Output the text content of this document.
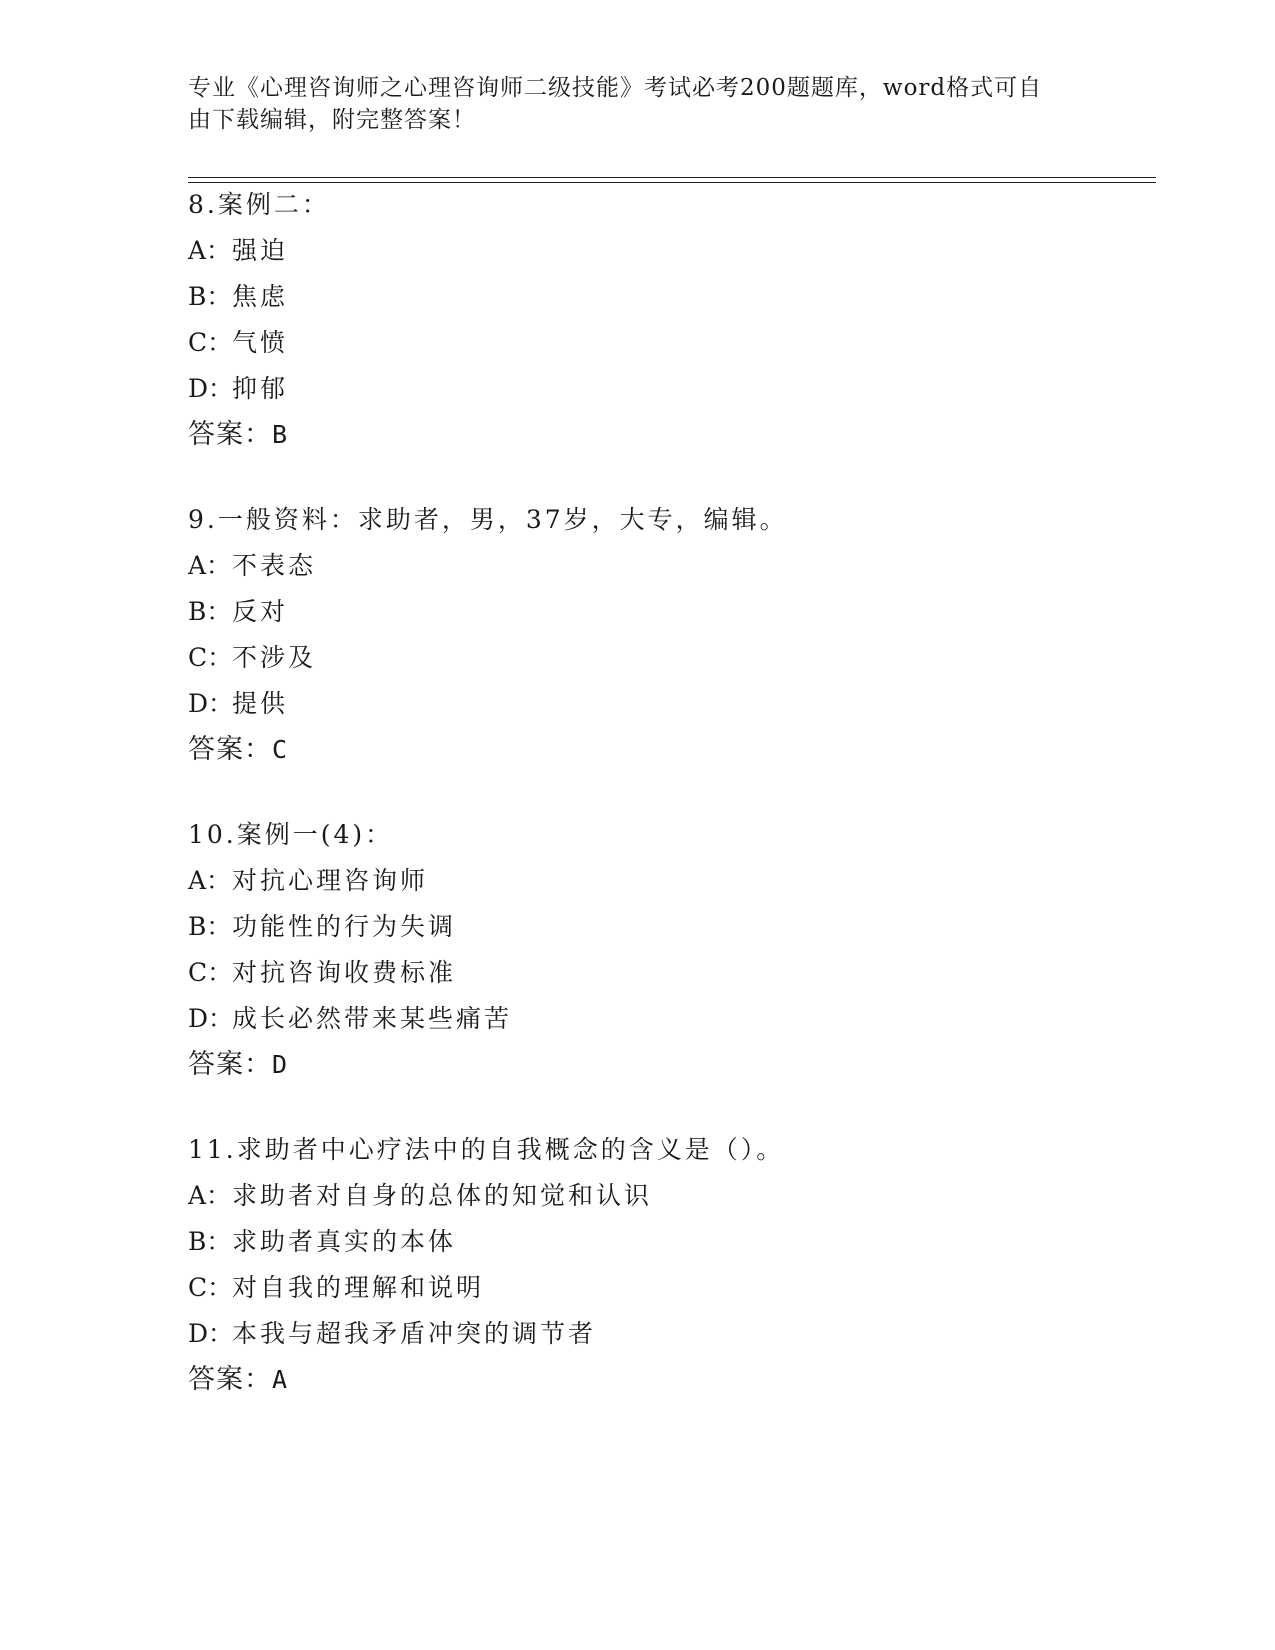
专业《心理咨询师之心理咨询师二级技能》考试必考200题题库，word格式可自
由下载编辑，附完整答案！
8.案例二：
A：强迫
B：焦虑
C：气愤
D：抑郁
答案：B
9.一般资料：求助者，男，37岁，大专，编辑。
A：不表态
B：反对
C：不涉及
D：提供
答案：C
10.案例一(4)：
A：对抗心理咨询师
B：功能性的行为失调
C：对抗咨询收费标准
D：成长必然带来某些痛苦
答案：D
11.求助者中心疗法中的自我概念的含义是（）。
A：求助者对自身的总体的知觉和认识
B：求助者真实的本体
C：对自我的理解和说明
D：本我与超我矛盾冲突的调节者
答案：A
